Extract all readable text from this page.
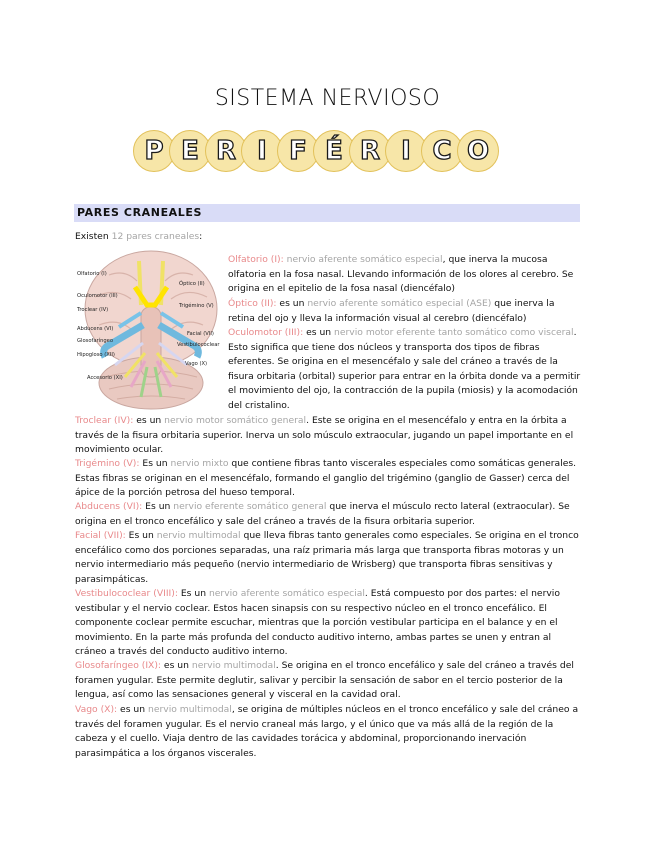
SISTEMA NERVIOSO
P E R I F É R I C O
PARES CRANEALES

Existen 12 pares craneales:

Olfatorio (I)
Óptico (II)
Oculomotor (III)
Troclear (IV)
Trigémino (V)
Abducens (VI)
Facial (VII)
Vestibulococlear
Glosofaríngeo
Hipogloso (XII)
Vago (X)
Accesorio (XI)

Olfatorio (I): nervio aferente somático especial, que inerva la mucosa olfatoria en la fosa nasal. Llevando información de los olores al cerebro. Se origina en el epitelio de la fosa nasal (diencéfalo)

Óptico (II): es un nervio aferente somático especial (ASE) que inerva la retina del ojo y lleva la información visual al cerebro (diencéfalo)

Oculomotor (III): es un nervio motor eferente tanto somático como visceral. Esto significa que tiene dos núcleos y transporta dos tipos de fibras eferentes. Se origina en el mesencéfalo y sale del cráneo a través de la fisura orbitaria (orbital) superior para entrar en la órbita donde va a permitir el movimiento del ojo, la contracción de la pupila (miosis) y la acomodación del cristalino.

Troclear (IV): es un nervio motor somático general. Este se origina en el mesencéfalo y entra en la órbita a través de la fisura orbitaria superior. Inerva un solo músculo extraocular, jugando un papel importante en el movimiento ocular.

Trigémino (V): Es un nervio mixto que contiene fibras tanto viscerales especiales como somáticas generales. Estas fibras se originan en el mesencéfalo, formando el ganglio del trigémino (ganglio de Gasser) cerca del ápice de la porción petrosa del hueso temporal.

Abducens (VI): Es un nervio eferente somático general que inerva el músculo recto lateral (extraocular). Se origina en el tronco encefálico y sale del cráneo a través de la fisura orbitaria superior.

Facial (VII): Es un nervio multimodal que lleva fibras tanto generales como especiales. Se origina en el tronco encefálico como dos porciones separadas, una raíz primaria más larga que transporta fibras motoras y un nervio intermediario más pequeño (nervio intermediario de Wrisberg) que transporta fibras sensitivas y parasimpáticas.

Vestibulococlear (VIII): Es un nervio aferente somático especial. Está compuesto por dos partes: el nervio vestibular y el nervio coclear. Estos hacen sinapsis con su respectivo núcleo en el tronco encefálico. El componente coclear permite escuchar, mientras que la porción vestibular participa en el balance y en el movimiento. En la parte más profunda del conducto auditivo interno, ambas partes se unen y entran al cráneo a través del conducto auditivo interno.

Glosofaríngeo (IX): es un nervio multimodal. Se origina en el tronco encefálico y sale del cráneo a través del foramen yugular. Este permite deglutir, salivar y percibir la sensación de sabor en el tercio posterior de la lengua, así como las sensaciones general y visceral en la cavidad oral.

Vago (X): es un nervio multimodal, se origina de múltiples núcleos en el tronco encefálico y sale del cráneo a través del foramen yugular. Es el nervio craneal más largo, y el único que va más allá de la región de la cabeza y el cuello. Viaja dentro de las cavidades torácica y abdominal, proporcionando inervación parasimpática a los órganos viscerales.
